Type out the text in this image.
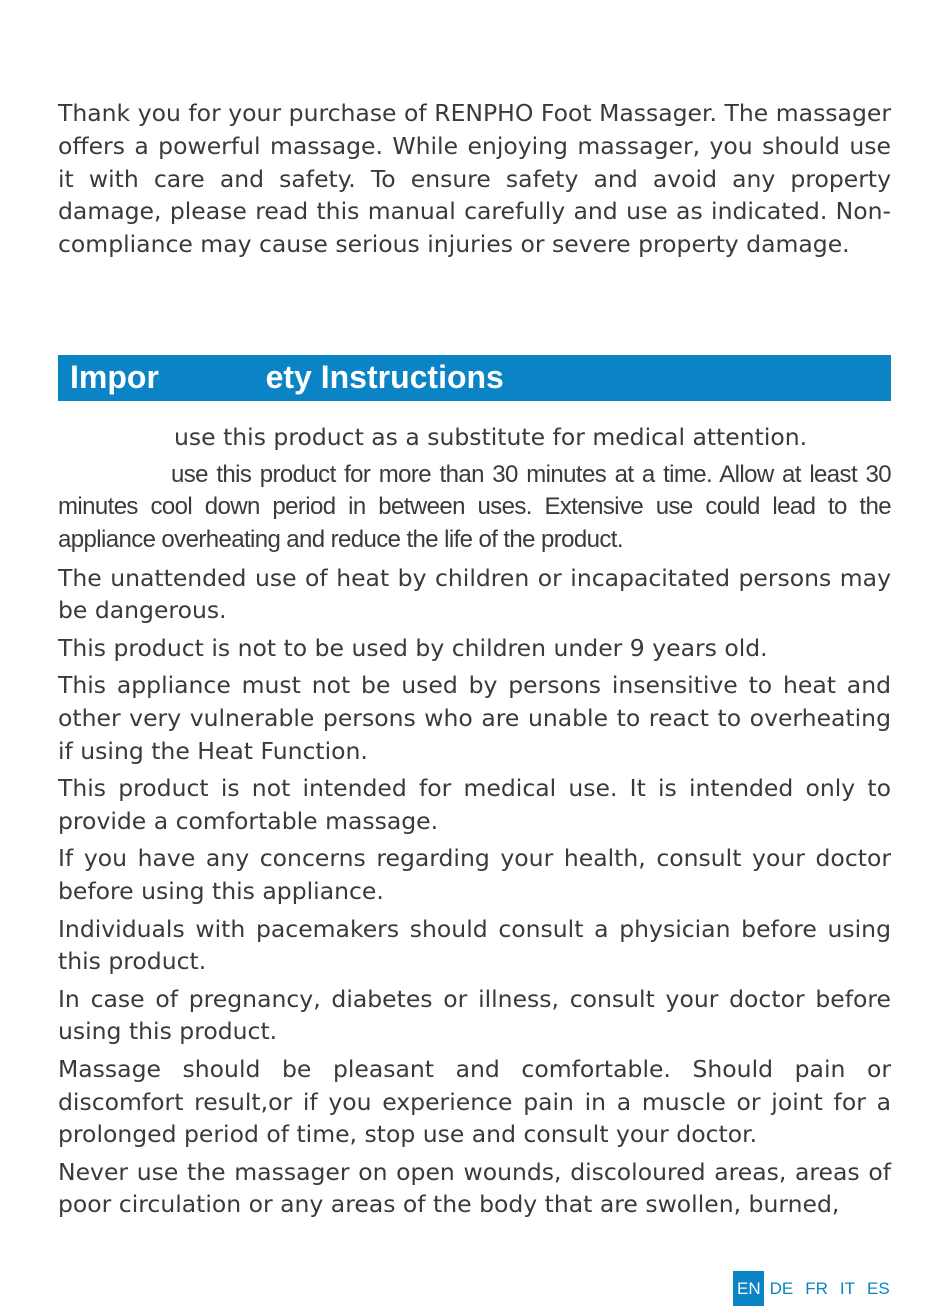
Thank you for your purchase of RENPHO Foot Massager. The massager offers a powerful massage. While enjoying massager, you should use it with care and safety. To ensure safety and avoid any property damage, please read this manual carefully and use as indicated. Non-compliance may cause serious injuries or severe property damage.

Impor            ety Instructions

use this product as a substitute for medical attention.

use this product for more than 30 minutes at a time. Allow at least 30 minutes cool down period in between uses. Extensive use could lead to the appliance overheating and reduce the life of the product.

The unattended use of heat by children or incapacitated persons may be dangerous.

This product is not to be used by children under 9 years old.

This appliance must not be used by persons insensitive to heat and other very vulnerable persons who are unable to react to overheating if using the Heat Function.

This product is not intended for medical use. It is intended only to provide a comfortable massage.

If you have any concerns regarding your health, consult your doctor before using this appliance.

Individuals with pacemakers should consult a physician before using this product.

In case of pregnancy, diabetes or illness, consult your doctor before using this product.

Massage should be pleasant and comfortable. Should pain or discomfort result,or if you experience pain in a muscle or joint for a prolonged period of time, stop use and consult your doctor.

Never use the massager on open wounds, discoloured areas, areas of poor circulation or any areas of the body that are swollen, burned,

EN DE FR IT ES
